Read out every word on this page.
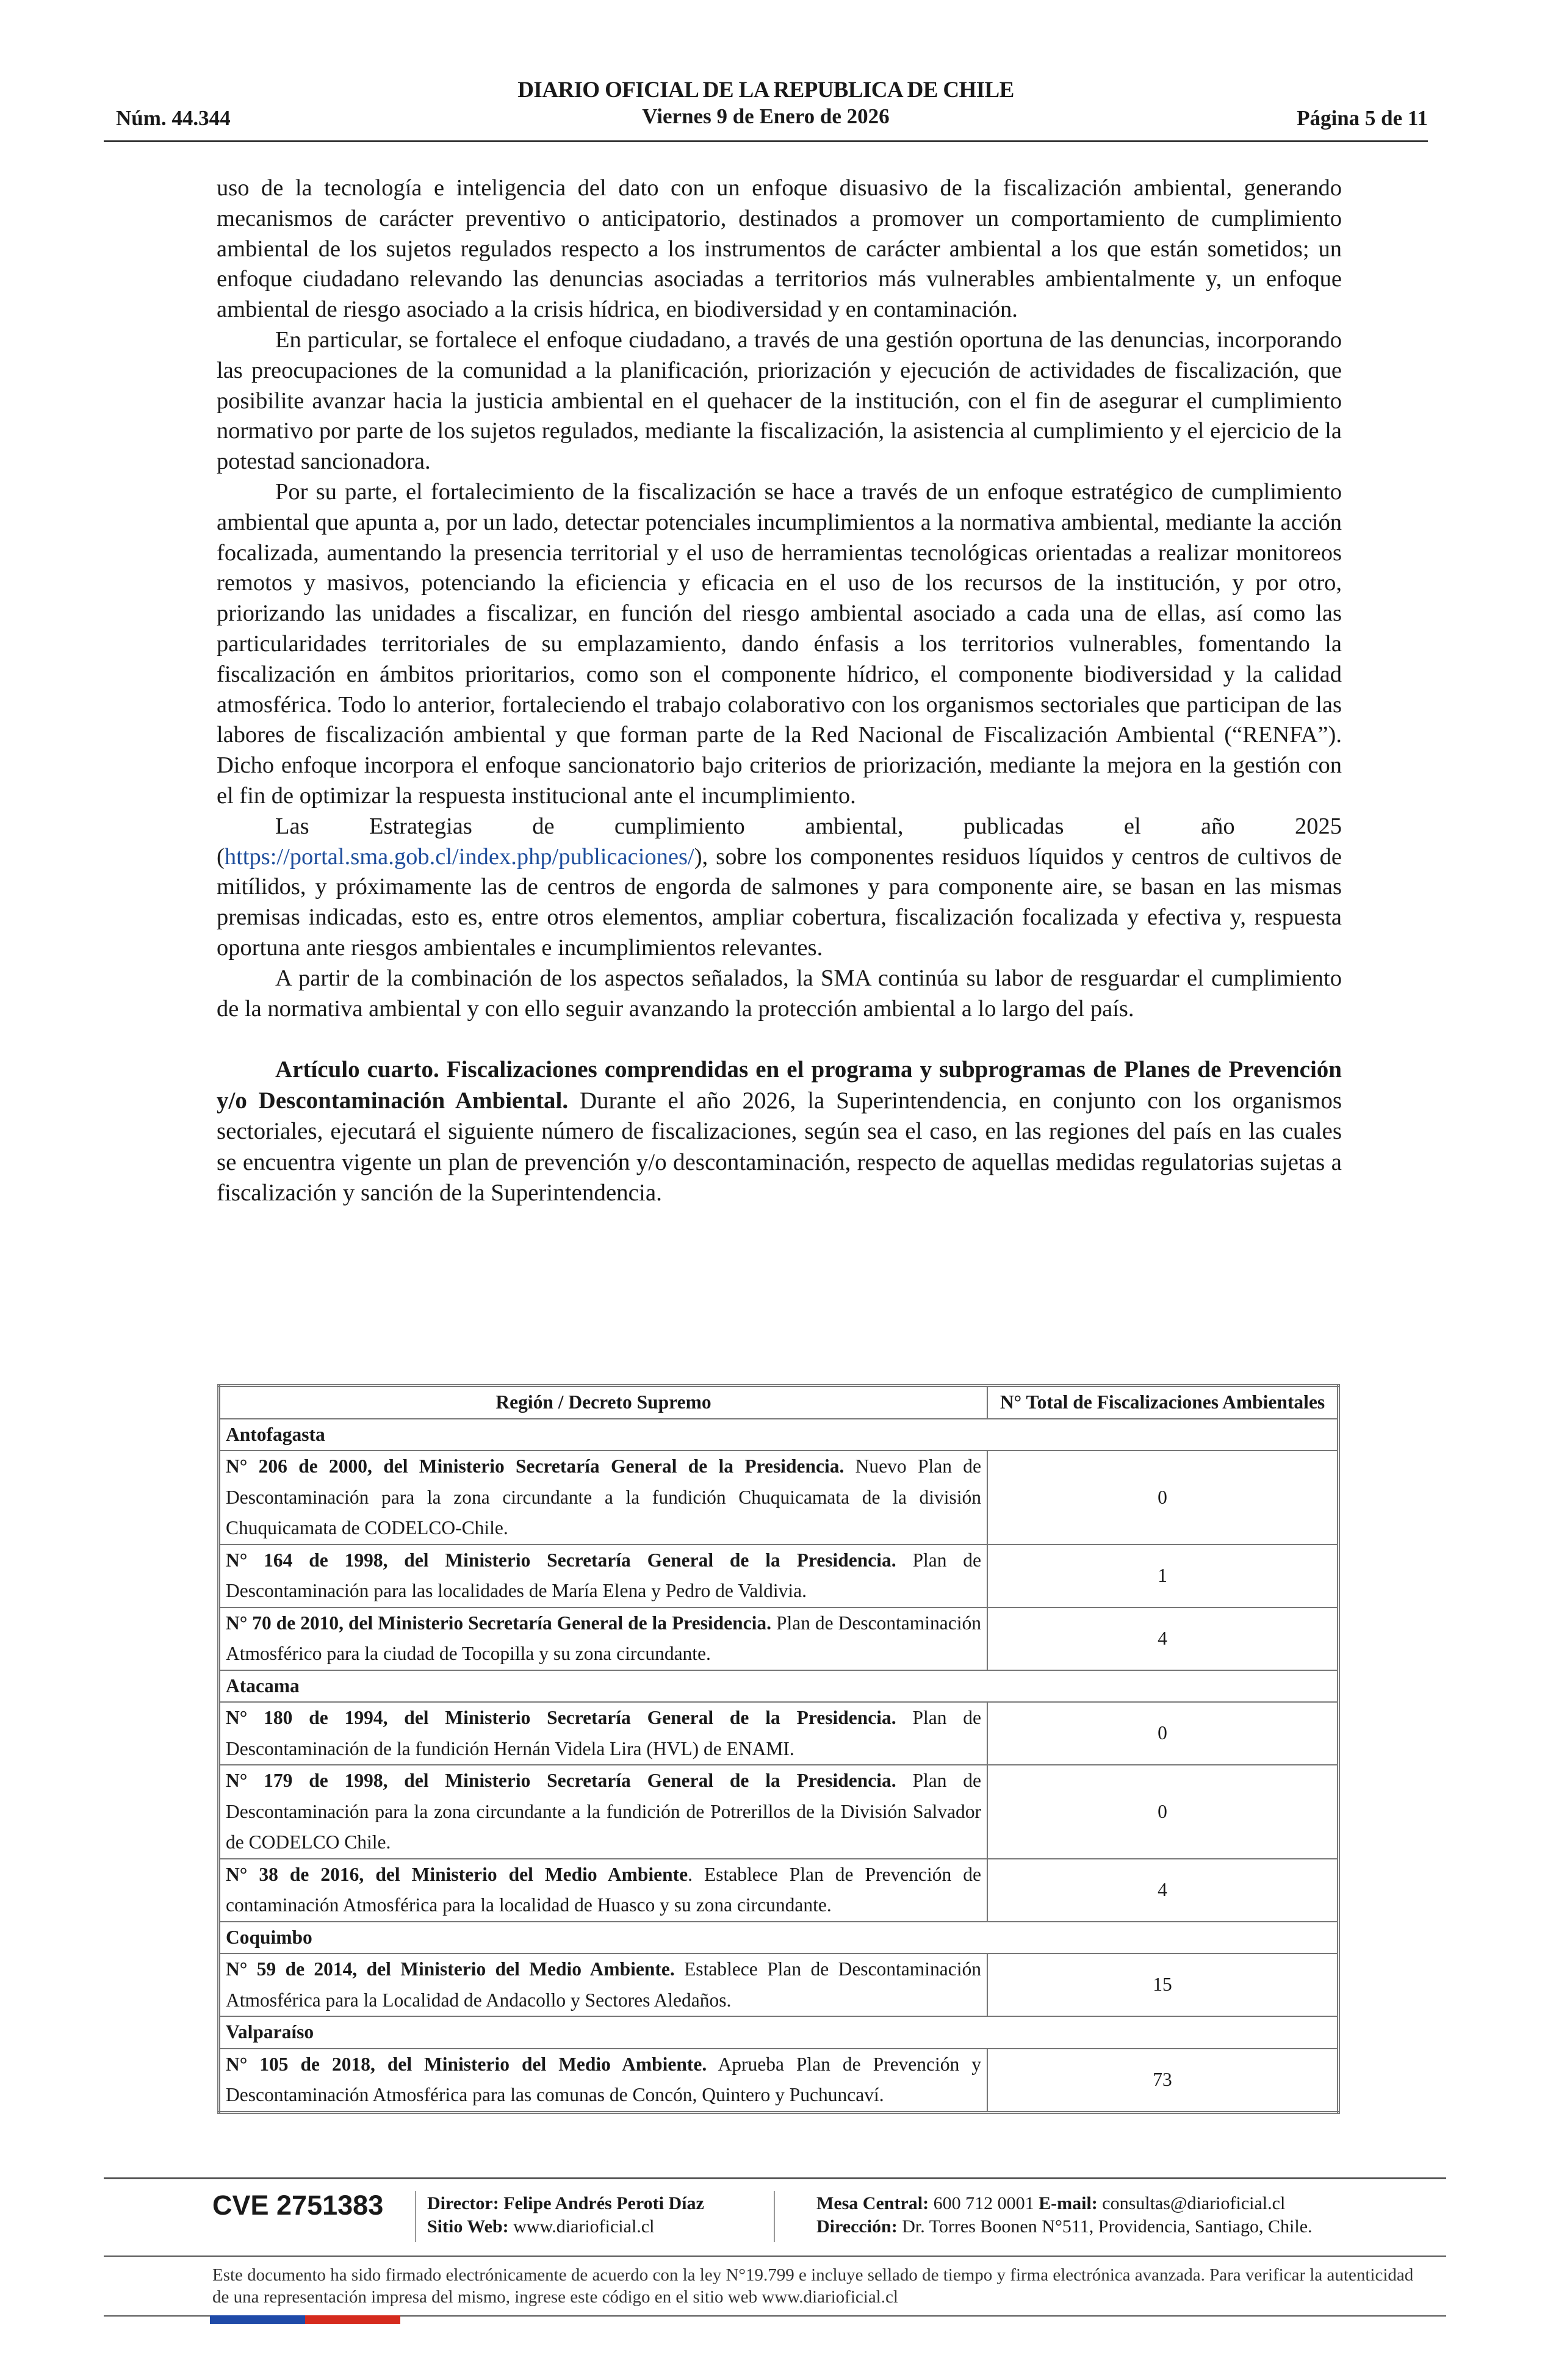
Núm. 44.344
DIARIO OFICIAL DE LA REPUBLICA DE CHILE
Viernes 9 de Enero de 2026	Página 5 de 11

uso de la tecnología e inteligencia del dato con un enfoque disuasivo de la fiscalización ambiental, generando mecanismos de carácter preventivo o anticipatorio, destinados a promover un comportamiento de cumplimiento ambiental de los sujetos regulados respecto a los instrumentos de carácter ambiental a los que están sometidos; un enfoque ciudadano relevando las denuncias asociadas a territorios más vulnerables ambientalmente y, un enfoque ambiental de riesgo asociado a la crisis hídrica, en biodiversidad y en contaminación.

En particular, se fortalece el enfoque ciudadano, a través de una gestión oportuna de las denuncias, incorporando las preocupaciones de la comunidad a la planificación, priorización y ejecución de actividades de fiscalización, que posibilite avanzar hacia la justicia ambiental en el quehacer de la institución, con el fin de asegurar el cumplimiento normativo por parte de los sujetos regulados, mediante la fiscalización, la asistencia al cumplimiento y el ejercicio de la potestad sancionadora.

Por su parte, el fortalecimiento de la fiscalización se hace a través de un enfoque estratégico de cumplimiento ambiental que apunta a, por un lado, detectar potenciales incumplimientos a la normativa ambiental, mediante la acción focalizada, aumentando la presencia territorial y el uso de herramientas tecnológicas orientadas a realizar monitoreos remotos y masivos, potenciando la eficiencia y eficacia en el uso de los recursos de la institución, y por otro, priorizando las unidades a fiscalizar, en función del riesgo ambiental asociado a cada una de ellas, así como las particularidades territoriales de su emplazamiento, dando énfasis a los territorios vulnerables, fomentando la fiscalización en ámbitos prioritarios, como son el componente hídrico, el componente biodiversidad y la calidad atmosférica. Todo lo anterior, fortaleciendo el trabajo colaborativo con los organismos sectoriales que participan de las labores de fiscalización ambiental y que forman parte de la Red Nacional de Fiscalización Ambiental (“RENFA”). Dicho enfoque incorpora el enfoque sancionatorio bajo criterios de priorización, mediante la mejora en la gestión con el fin de optimizar la respuesta institucional ante el incumplimiento.

Las Estrategias de cumplimiento ambiental, publicadas el año 2025 (https://portal.sma.gob.cl/index.php/publicaciones/), sobre los componentes residuos líquidos y centros de cultivos de mitílidos, y próximamente las de centros de engorda de salmones y para componente aire, se basan en las mismas premisas indicadas, esto es, entre otros elementos, ampliar cobertura, fiscalización focalizada y efectiva y, respuesta oportuna ante riesgos ambientales e incumplimientos relevantes.

A partir de la combinación de los aspectos señalados, la SMA continúa su labor de resguardar el cumplimiento de la normativa ambiental y con ello seguir avanzando la protección ambiental a lo largo del país.

Artículo cuarto. Fiscalizaciones comprendidas en el programa y subprogramas de Planes de Prevención y/o Descontaminación Ambiental. Durante el año 2026, la Superintendencia, en conjunto con los organismos sectoriales, ejecutará el siguiente número de fiscalizaciones, según sea el caso, en las regiones del país en las cuales se encuentra vigente un plan de prevención y/o descontaminación, respecto de aquellas medidas regulatorias sujetas a fiscalización y sanción de la Superintendencia.

Región / Decreto Supremo	N° Total de Fiscalizaciones Ambientales
Antofagasta	
N° 206 de 2000, del Ministerio Secretaría General de la Presidencia. Nuevo Plan de Descontaminación para la zona circundante a la fundición Chuquicamata de la división Chuquicamata de CODELCO-Chile.	0
N° 164 de 1998, del Ministerio Secretaría General de la Presidencia. Plan de Descontaminación para las localidades de María Elena y Pedro de Valdivia.	1
N° 70 de 2010, del Ministerio Secretaría General de la Presidencia. Plan de Descontaminación Atmosférico para la ciudad de Tocopilla y su zona circundante.	4
Atacama	
N° 180 de 1994, del Ministerio Secretaría General de la Presidencia. Plan de Descontaminación de la fundición Hernán Videla Lira (HVL) de ENAMI.	0
N° 179 de 1998, del Ministerio Secretaría General de la Presidencia. Plan de Descontaminación para la zona circundante a la fundición de Potrerillos de la División Salvador de CODELCO Chile.	0
N° 38 de 2016, del Ministerio del Medio Ambiente. Establece Plan de Prevención de contaminación Atmosférica para la localidad de Huasco y su zona circundante.	4
Coquimbo	
N° 59 de 2014, del Ministerio del Medio Ambiente. Establece Plan de Descontaminación Atmosférica para la Localidad de Andacollo y Sectores Aledaños.	15
Valparaíso	
N° 105 de 2018, del Ministerio del Medio Ambiente. Aprueba Plan de Prevención y Descontaminación Atmosférica para las comunas de Concón, Quintero y Puchuncaví.	73
CVE 2751383 Director: Felipe Andrés Peroti Díaz
Sitio Web: www.diarioficial.cl
Mesa Central: 600 712 0001 E-mail: consultas@diarioficial.cl
Dirección: Dr. Torres Boonen N°511, Providencia, Santiago, Chile.
Este documento ha sido firmado electrónicamente de acuerdo con la ley N°19.799 e incluye sellado de tiempo y firma electrónica avanzada. Para verificar la autenticidad de una representación impresa del mismo, ingrese este código en el sitio web www.diarioficial.cl
